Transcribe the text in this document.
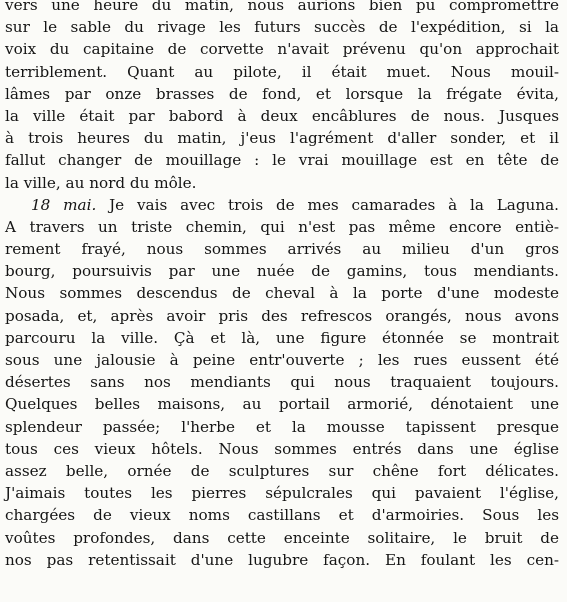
vers une heure du matin, nous aurions bien pu compromettre
sur le sable du rivage les futurs succès de l'expédition, si la
voix du capitaine de corvette n'avait prévenu qu'on approchait
terriblement. Quant au pilote, il était muet. Nous mouil-
lâmes par onze brasses de fond, et lorsque la frégate évita,
la ville était par babord à deux encâblures de nous. Jusques
à trois heures du matin, j'eus l'agrément d'aller sonder, et il
fallut changer de mouillage : le vrai mouillage est en tête de
la ville, au nord du môle.
18 mai. Je vais avec trois de mes camarades à la Laguna.
A travers un triste chemin, qui n'est pas même encore entiè-
rement frayé, nous sommes arrivés au milieu d'un gros
bourg, poursuivis par une nuée de gamins, tous mendiants.
Nous sommes descendus de cheval à la porte d'une modeste
posada, et, après avoir pris des refrescos orangés, nous avons
parcouru la ville. Çà et là, une figure étonnée se montrait
sous une jalousie à peine entr'ouverte ; les rues eussent été
désertes sans nos mendiants qui nous traquaient toujours.
Quelques belles maisons, au portail armorié, dénotaient une
splendeur passée; l'herbe et la mousse tapissent presque
tous ces vieux hôtels. Nous sommes entrés dans une église
assez belle, ornée de sculptures sur chêne fort délicates.
J'aimais toutes les pierres sépulcrales qui pavaient l'église,
chargées de vieux noms castillans et d'armoiries. Sous les
voûtes profondes, dans cette enceinte solitaire, le bruit de
nos pas retentissait d'une lugubre façon. En foulant les cen-
